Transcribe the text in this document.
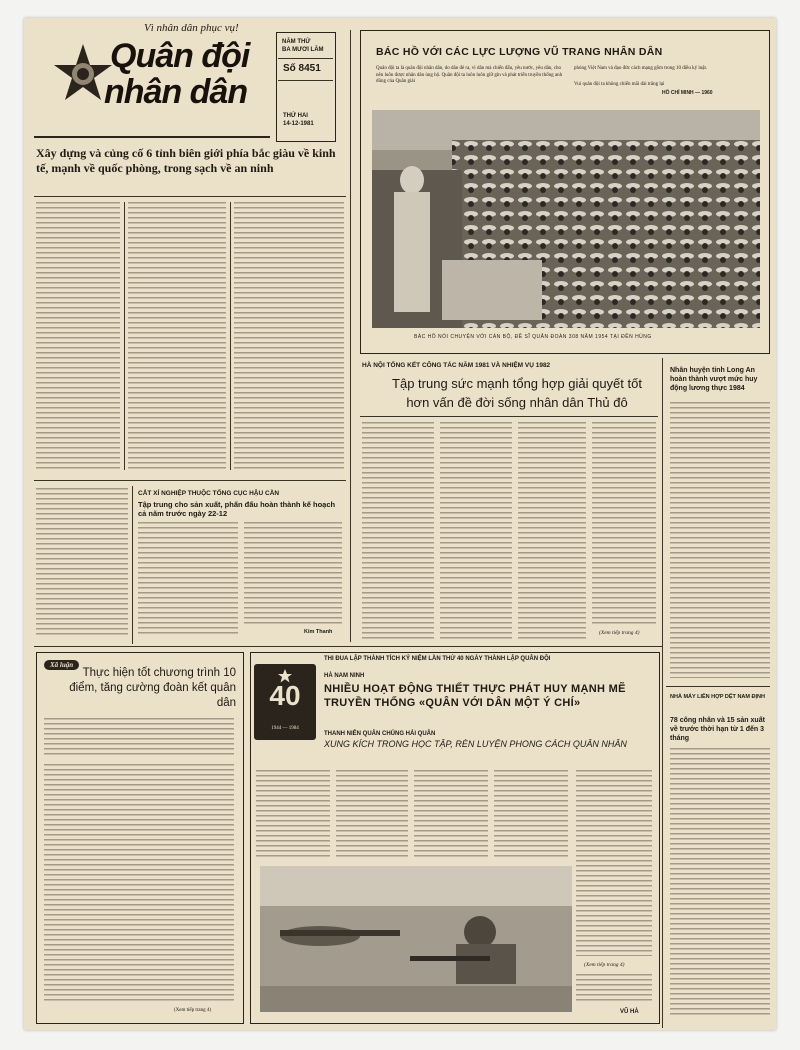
Vì nhân dân phục vụ!
Quân đội
nhân dân
NĂM THỨ
BA MƯƠI LĂM
Số 8451
THỨ HAI
14-12-1981
Xây dựng và củng cố 6 tỉnh biên giới phía bắc giàu về kinh tế, mạnh về quốc phòng, trong sạch về an ninh
CẮT XÍ NGHIỆP THUỘC TỔNG CỤC HẬU CẦN
Tập trung cho sản xuất, phấn đấu hoàn thành kế hoạch cả năm trước ngày 22-12
Kim Thanh
BÁC HỒ VỚI CÁC LỰC LƯỢNG VŨ TRANG NHÂN DÂN
Quân đội ta là quân đội nhân dân, do dân đẻ ra, vì dân mà chiến đấu, yêu nước, yêu dân, cho nên luôn được nhân dân ủng hộ. Quân đội ta luôn luôn giữ gìn và phát triển truyền thống anh dũng của Quân giải
phóng Việt Nam và đạo đức cách mạng gồm trong 10 điều kỷ luật.
Vui quân đội ta không chiến mãi dài trăng lại
HỒ CHÍ MINH — 1960
BÁC HỒ NÓI CHUYỆN VỚI CÁN BỘ, ĐỀ SĨ QUÂN ĐOÀN 308 NĂM 1954 TẠI ĐỀN HÙNG
HÀ NỘI TỔNG KẾT CÔNG TÁC NĂM 1981 VÀ NHIỆM VỤ 1982
Tập trung sức mạnh tổng hợp giải quyết tốt hơn vấn đề đời sống nhân dân Thủ đô
(Xem tiếp trang 4)
Nhân huyện tỉnh Long An hoàn thành vượt mức huy động lương thực 1984
NHÀ MÁY LIÊN HỢP DỆT NAM ĐỊNH
78 công nhân và 15 sản xuất về trước thời hạn từ 1 đến 3 tháng
Xã luận
Thực hiện tốt chương trình 10 điểm, tăng cường đoàn kết quân dân
(Xem tiếp trang 4)
THI ĐUA LẬP THÀNH TÍCH KỶ NIỆM LẦN THỨ 40 NGÀY THÀNH LẬP QUÂN ĐỘI
40
1944 — 1984
HÀ NAM NINH
NHIỀU HOẠT ĐỘNG THIẾT THỰC PHÁT HUY MẠNH MẼ TRUYỀN THỐNG «QUÂN VỚI DÂN MỘT Ý CHÍ»
THANH NIÊN QUÂN CHỦNG HẢI QUÂN
XUNG KÍCH TRONG HỌC TẬP, RÈN LUYỆN PHONG CÁCH QUÂN NHÂN
(Xem tiếp trang 4)
VŨ HÀ
